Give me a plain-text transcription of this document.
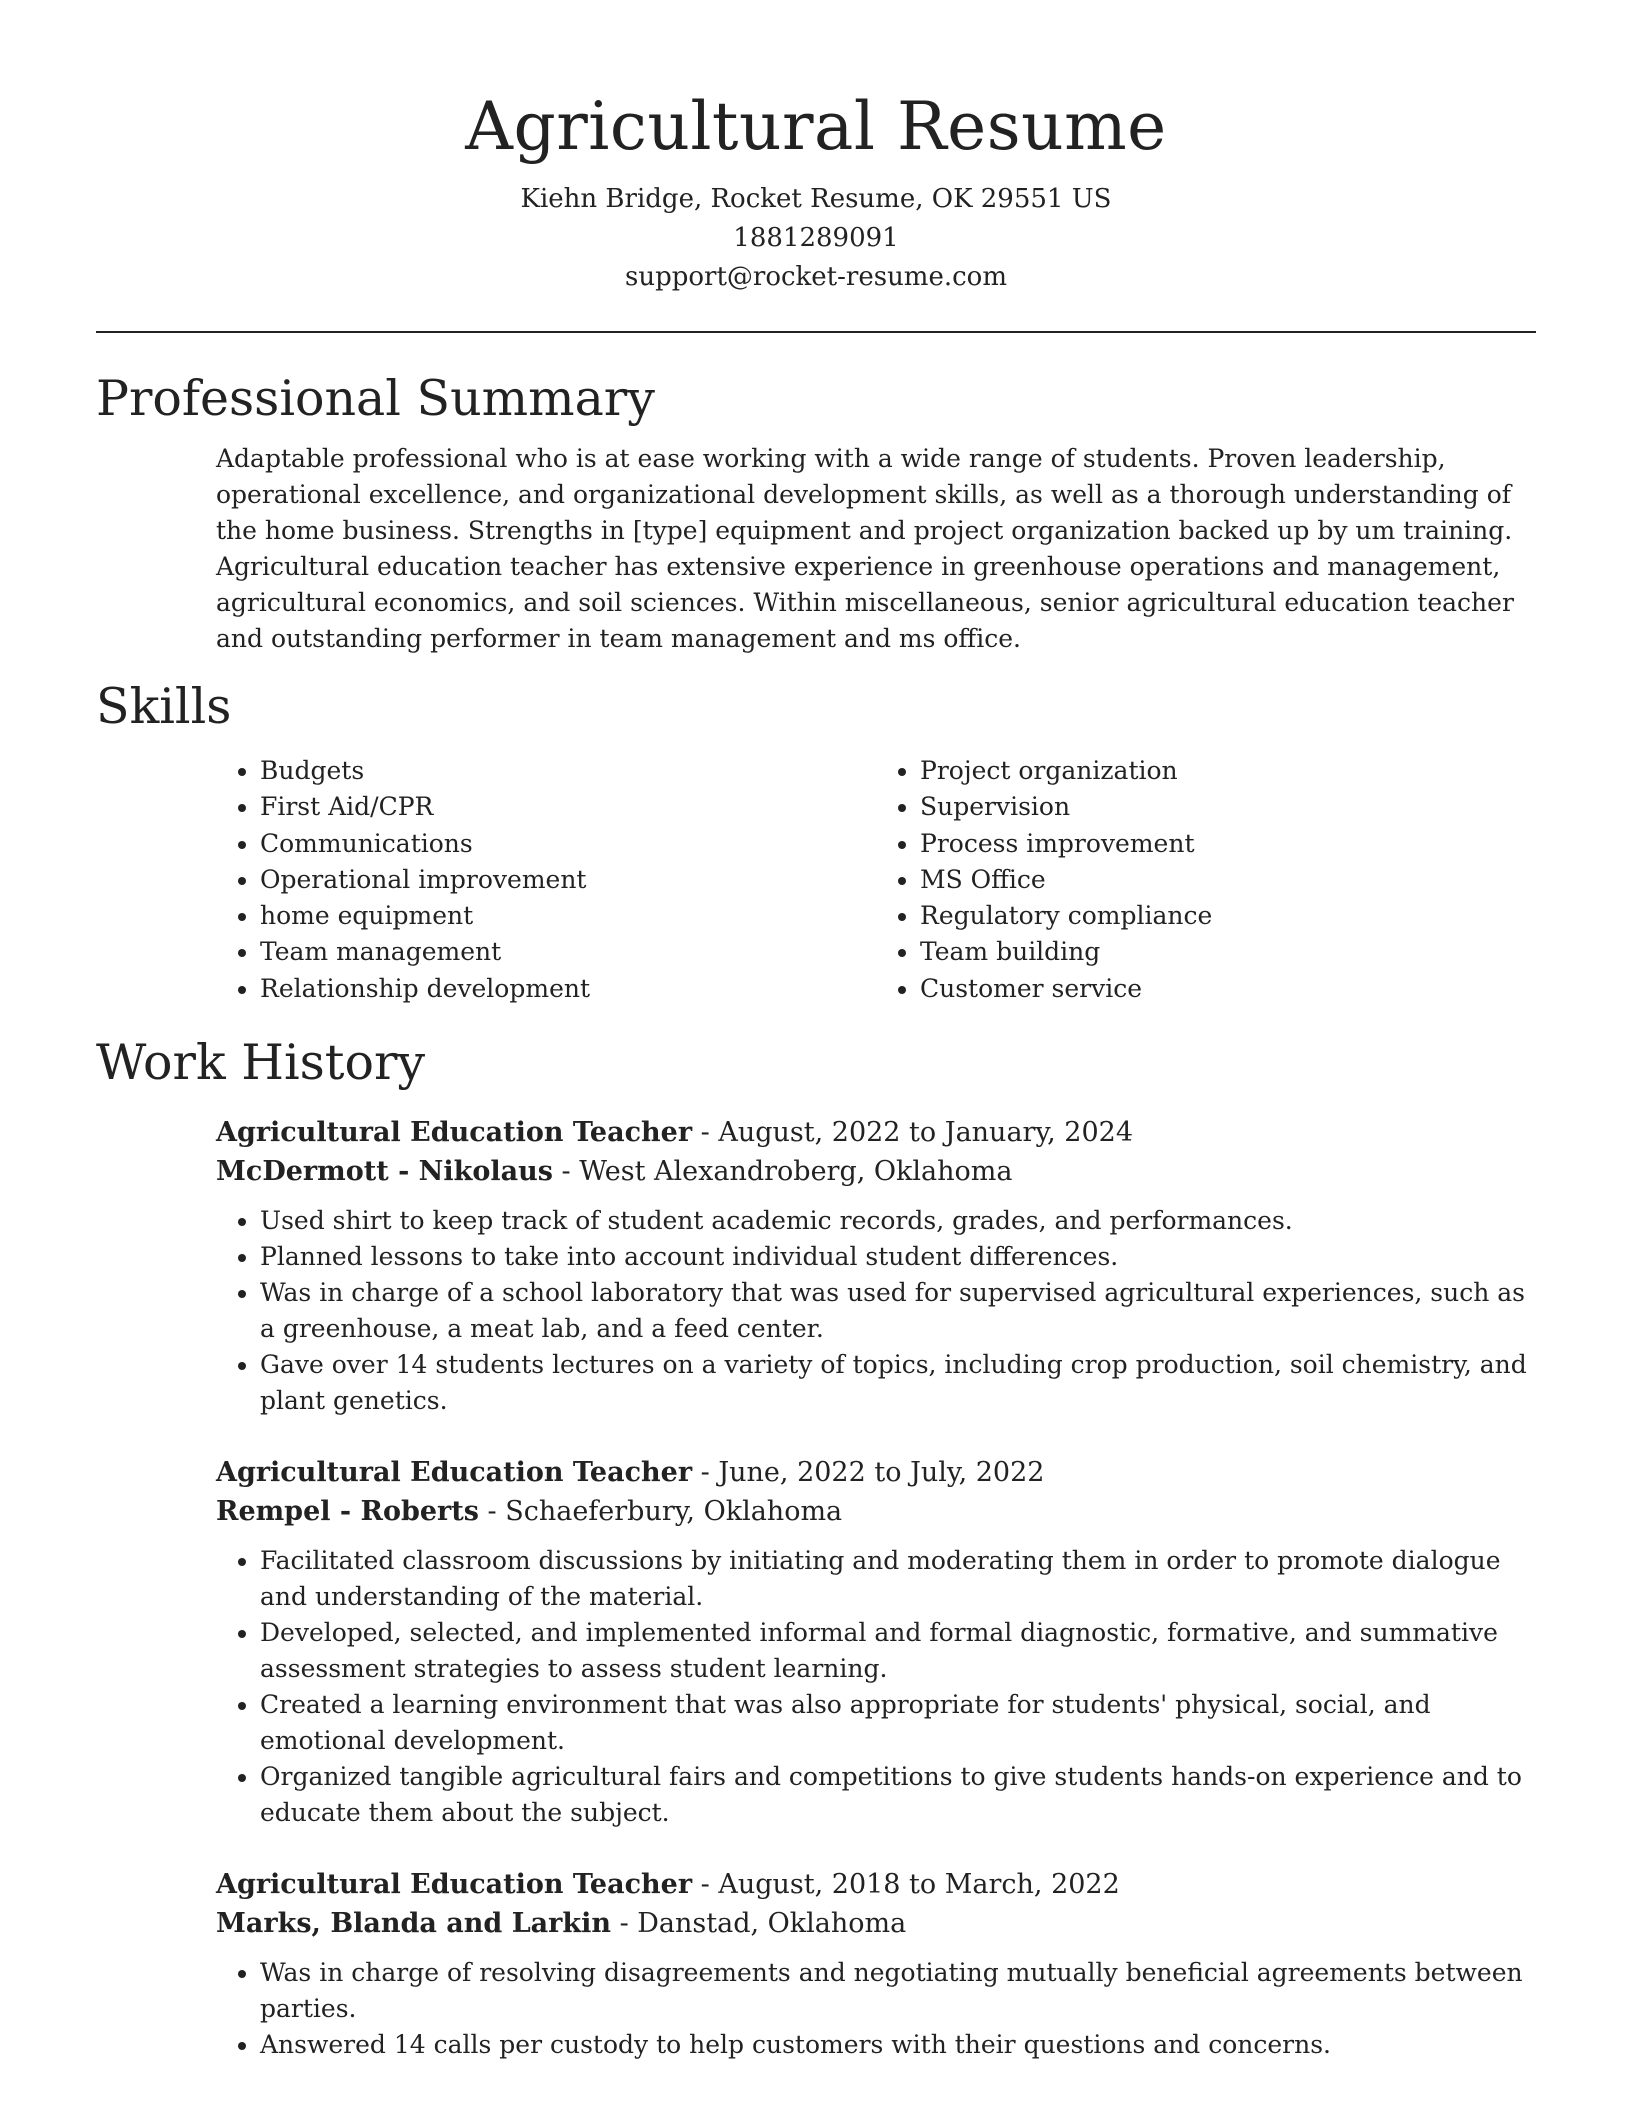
Agricultural Resume

Kiehn Bridge, Rocket Resume, OK 29551 US

1881289091

support@rocket-resume.com

Professional Summary

Adaptable professional who is at ease working with a wide range of students. Proven leadership, operational excellence, and organizational development skills, as well as a thorough understanding of the home business. Strengths in [type] equipment and project organization backed up by um training. Agricultural education teacher has extensive experience in greenhouse operations and management, agricultural economics, and soil sciences. Within miscellaneous, senior agricultural education teacher and outstanding performer in team management and ms office.

Skills
• Budgets
• First Aid/CPR
• Communications
• Operational improvement
• home equipment
• Team management
• Relationship development
• Project organization
• Supervision
• Process improvement
• MS Office
• Regulatory compliance
• Team building
• Customer service
Work History

Agricultural Education Teacher - August, 2022 to January, 2024

McDermott - Nikolaus - West Alexandroberg, Oklahoma

• Used shirt to keep track of student academic records, grades, and performances.
• Planned lessons to take into account individual student differences.
• Was in charge of a school laboratory that was used for supervised agricultural experiences, such as a greenhouse, a meat lab, and a feed center.
• Gave over 14 students lectures on a variety of topics, including crop production, soil chemistry, and plant genetics.

Agricultural Education Teacher - June, 2022 to July, 2022

Rempel - Roberts - Schaeferbury, Oklahoma

• Facilitated classroom discussions by initiating and moderating them in order to promote dialogue and understanding of the material.
• Developed, selected, and implemented informal and formal diagnostic, formative, and summative assessment strategies to assess student learning.
• Created a learning environment that was also appropriate for students' physical, social, and emotional development.
• Organized tangible agricultural fairs and competitions to give students hands-on experience and to educate them about the subject.

Agricultural Education Teacher - August, 2018 to March, 2022

Marks, Blanda and Larkin - Danstad, Oklahoma

• Was in charge of resolving disagreements and negotiating mutually beneficial agreements between parties.
• Answered 14 calls per custody to help customers with their questions and concerns.
